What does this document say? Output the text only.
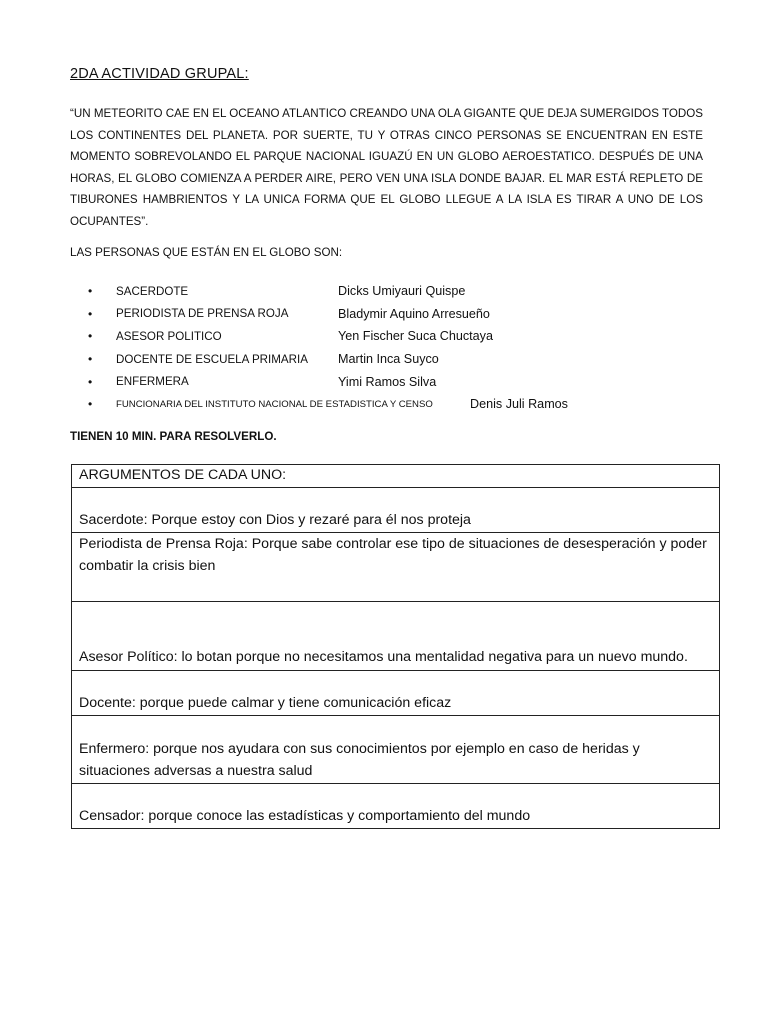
2DA ACTIVIDAD GRUPAL:
“UN METEORITO CAE EN EL OCEANO ATLANTICO CREANDO UNA OLA GIGANTE QUE DEJA SUMERGIDOS TODOS LOS CONTINENTES DEL PLANETA. POR SUERTE, TU Y OTRAS CINCO PERSONAS SE ENCUENTRAN EN ESTE MOMENTO SOBREVOLANDO EL PARQUE NACIONAL IGUAZÚ EN UN GLOBO AEROESTATICO. DESPUÉS DE UNA HORAS, EL GLOBO COMIENZA A PERDER AIRE, PERO VEN UNA ISLA DONDE BAJAR. EL MAR ESTÁ REPLETO DE TIBURONES HAMBRIENTOS Y LA UNICA FORMA QUE EL GLOBO LLEGUE A LA ISLA ES TIRAR A UNO DE LOS OCUPANTES”.
LAS PERSONAS QUE ESTÁN EN EL GLOBO SON:
• SACERDOTE	Dicks Umiyauri Quispe
• PERIODISTA DE PRENSA ROJA	Bladymir Aquino Arresueño
• ASESOR POLITICO	Yen Fischer Suca Chuctaya
• DOCENTE DE ESCUELA PRIMARIA Martin Inca Suyco
• ENFERMERA	Yimi Ramos Silva
• FUNCIONARIA DEL INSTITUTO NACIONAL DE ESTADISTICA Y CENSO	Denis Juli Ramos
TIENEN 10 MIN. PARA RESOLVERLO.
ARGUMENTOS DE CADA UNO:
Sacerdote: Porque estoy con Dios y rezaré para él nos proteja
Periodista de Prensa Roja: Porque sabe controlar ese tipo de situaciones de desesperación y poder combatir la crisis bien
Asesor Político: lo botan porque no necesitamos una mentalidad negativa para un nuevo mundo.
Docente: porque puede calmar y tiene comunicación eficaz
Enfermero: porque nos ayudara con sus conocimientos por ejemplo en caso de heridas y situaciones adversas a nuestra salud
Censador: porque conoce las estadísticas y comportamiento del mundo
